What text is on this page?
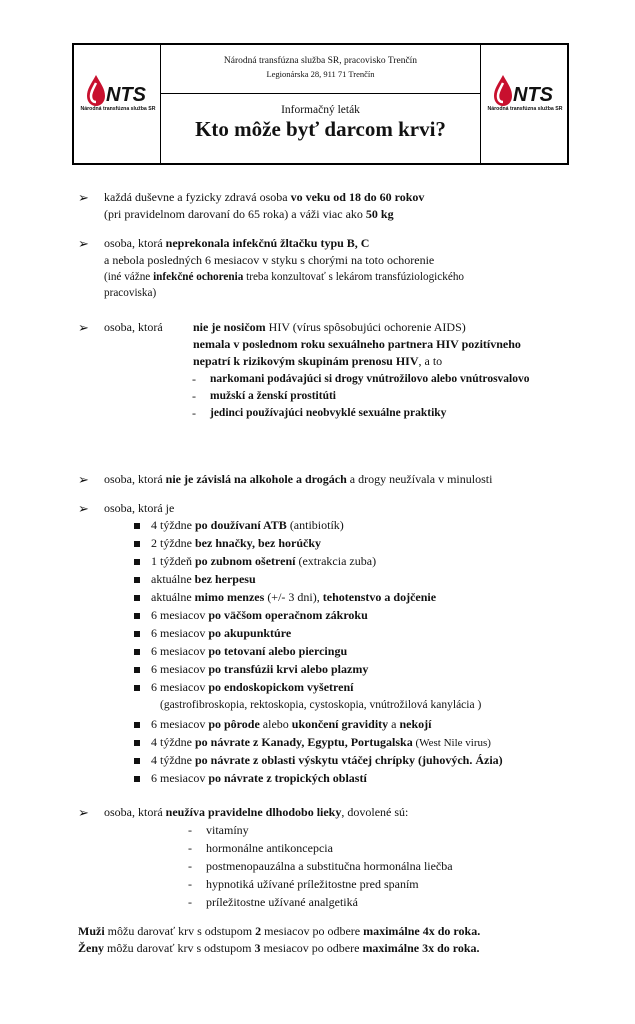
NTS
Národná transfúzna služba SR
Národná transfúzna služba SR, pracovisko Trenčín
Legionárska 28, 911 71 Trenčín
Informačný leták
Kto môže byť darcom krvi?
NTS
Národná transfúzna služba SR
➢ každá duševne a fyzicky zdravá osoba vo veku od 18 do 60 rokov
(pri pravidelnom darovaní do 65 roka) a váži viac ako 50 kg
➢ osoba, ktorá neprekonala infekčnú žltačku typu B, C
a nebola posledných 6 mesiacov v styku s chorými na toto ochorenie
(iné vážne infekčné ochorenia treba konzultovať s lekárom transfúziologického
pracoviska)
➢ osoba, ktorá	nie je nosičom HIV (vírus spôsobujúci ochorenie AIDS)
nemala v poslednom roku sexuálneho partnera HIV pozitívneho
nepatrí k rizikovým skupinám prenosu HIV, a to
- narkomani podávajúci si drogy vnútrožilovo alebo vnútrosvalovo
- mužskí a ženskí prostitúti
- jedinci používajúci neobvyklé sexuálne praktiky
➢ osoba, ktorá nie je závislá na alkohole a drogách a drogy neužívala v minulosti
➢ osoba, ktorá je
4 týždne po doužívaní ATB (antibiotík)
2 týždne bez hnačky, bez horúčky
1 týždeň po zubnom ošetrení (extrakcia zuba)
aktuálne bez herpesu
aktuálne mimo menzes (+/- 3 dni), tehotenstvo a dojčenie
6 mesiacov po väčšom operačnom zákroku
6 mesiacov po akupunktúre
6 mesiacov po tetovaní alebo piercingu
6 mesiacov po transfúzii krvi alebo plazmy
6 mesiacov po endoskopickom vyšetrení
(gastrofibroskopia, rektoskopia, cystoskopia, vnútrožilová kanylácia )
6 mesiacov po pôrode alebo ukončení gravidity a nekojí
4 týždne po návrate z Kanady, Egyptu, Portugalska (West Nile virus)
4 týždne po návrate z oblasti výskytu vtáčej chrípky (juhových. Ázia)
6 mesiacov po návrate z tropických oblastí
➢ osoba, ktorá neužíva pravidelne dlhodobo lieky, dovolené sú:
- vitamíny
- hormonálne antikoncepcia
- postmenopauzálna a substitučna hormonálna liečba
- hypnotiká užívané príležitostne pred spaním
- príležitostne užívané analgetiká
Muži môžu darovať krv s odstupom 2 mesiacov po odbere maximálne 4x do roka.
Ženy môžu darovať krv s odstupom 3 mesiacov po odbere maximálne 3x do roka.
